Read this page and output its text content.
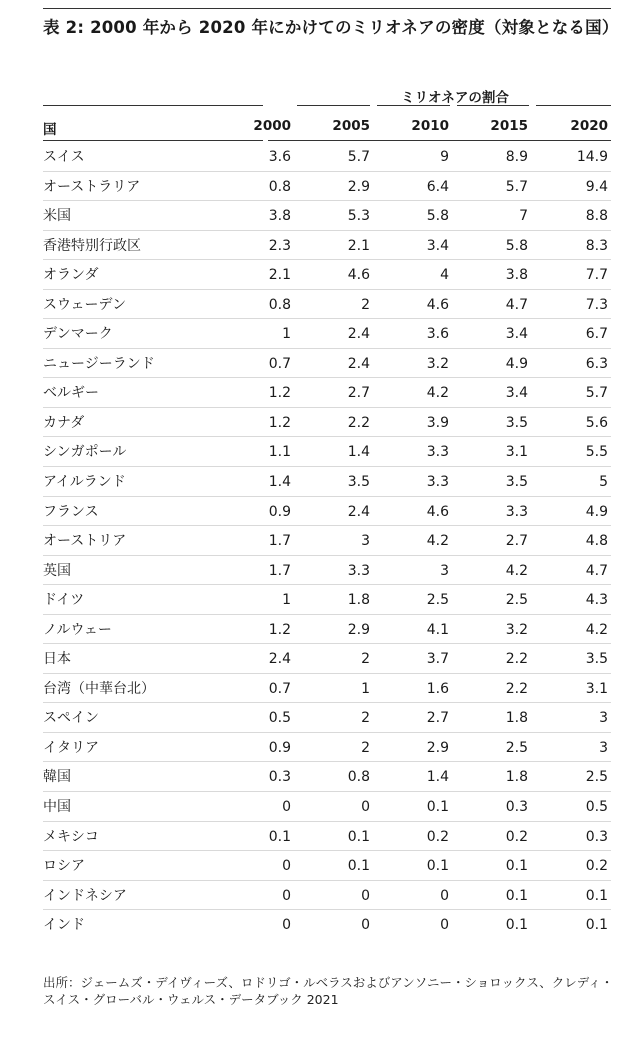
表 2: 2000 年から 2020 年にかけてのミリオネアの密度（対象となる国）
ミリオネアの割合
国	2000	2005	2010	2015	2020
スイス	3.6	5.7	9	8.9	14.9
オーストラリア	0.8	2.9	6.4	5.7	9.4
米国	3.8	5.3	5.8	7	8.8
香港特別行政区	2.3	2.1	3.4	5.8	8.3
オランダ	2.1	4.6	4	3.8	7.7
スウェーデン	0.8	2	4.6	4.7	7.3
デンマーク	1	2.4	3.6	3.4	6.7
ニュージーランド	0.7	2.4	3.2	4.9	6.3
ベルギー	1.2	2.7	4.2	3.4	5.7
カナダ	1.2	2.2	3.9	3.5	5.6
シンガポール	1.1	1.4	3.3	3.1	5.5
アイルランド	1.4	3.5	3.3	3.5	5
フランス	0.9	2.4	4.6	3.3	4.9
オーストリア	1.7	3	4.2	2.7	4.8
英国	1.7	3.3	3	4.2	4.7
ドイツ	1	1.8	2.5	2.5	4.3
ノルウェー	1.2	2.9	4.1	3.2	4.2
日本	2.4	2	3.7	2.2	3.5
台湾（中華台北）	0.7	1	1.6	2.2	3.1
スペイン	0.5	2	2.7	1.8	3
イタリア	0.9	2	2.9	2.5	3
韓国	0.3	0.8	1.4	1.8	2.5
中国	0	0	0.1	0.3	0.5
メキシコ	0.1	0.1	0.2	0.2	0.3
ロシア	0	0.1	0.1	0.1	0.2
インドネシア	0	0	0	0.1	0.1
インド	0	0	0	0.1	0.1
出所：ジェームズ・デイヴィーズ、ロドリゴ・ルベラスおよびアンソニー・ショロックス、クレディ・スイス・グローバル・ウェルス・データブック 2021
